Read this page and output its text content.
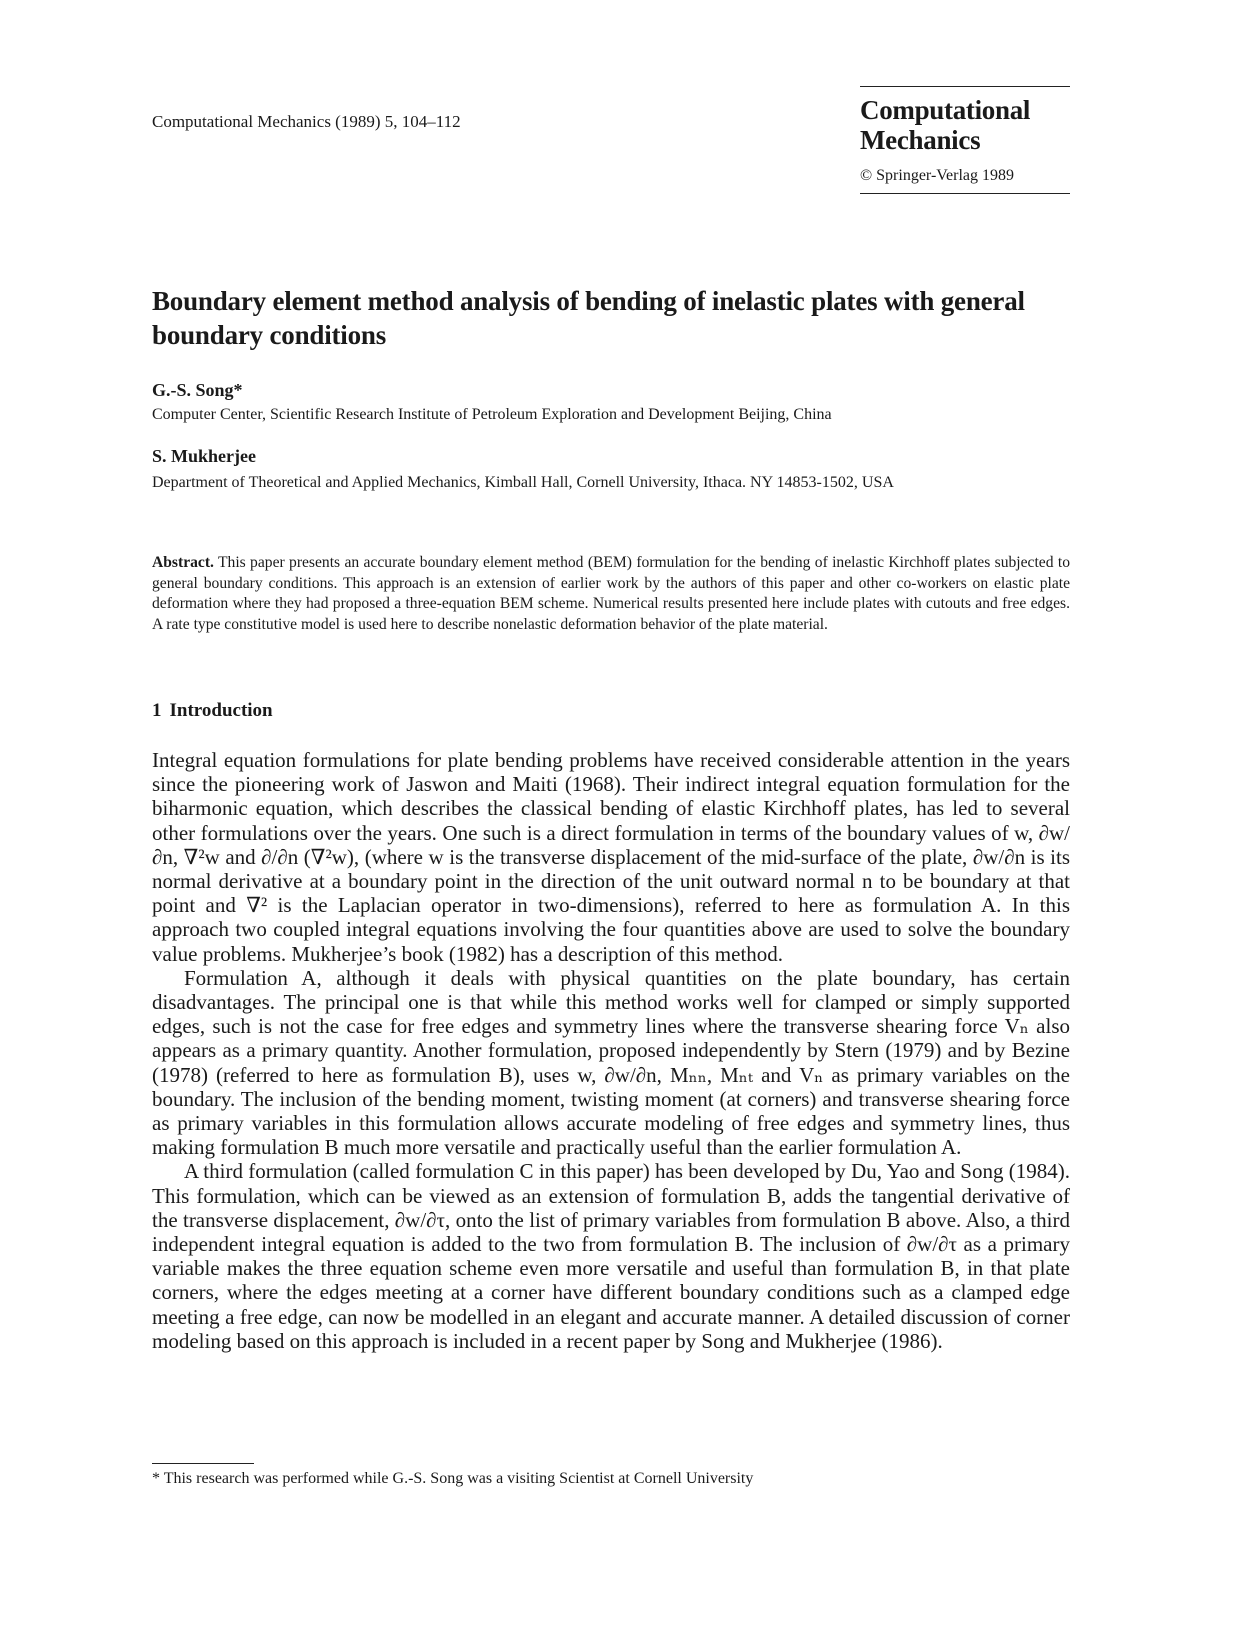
Computational Mechanics (1989) 5, 104–112	Computational
Mechanics
© Springer-Verlag 1989
Boundary element method analysis of bending of inelastic plates with general boundary conditions
G.-S. Song*
Computer Center, Scientific Research Institute of Petroleum Exploration and Development Beijing, China
S. Mukherjee
Department of Theoretical and Applied Mechanics, Kimball Hall, Cornell University, Ithaca. NY 14853-1502, USA
Abstract. This paper presents an accurate boundary element method (BEM) formulation for the bending of inelastic Kirchhoff plates subjected to general boundary conditions. This approach is an extension of earlier work by the authors of this paper and other co-workers on elastic plate deformation where they had proposed a three-equation BEM scheme. Numerical results presented here include plates with cutouts and free edges. A rate type constitutive model is used here to describe nonelastic deformation behavior of the plate material.
1 Introduction

Integral equation formulations for plate bending problems have received considerable attention in the years since the pioneering work of Jaswon and Maiti (1968). Their indirect integral equation formulation for the biharmonic equation, which describes the classical bending of elastic Kirchhoff plates, has led to several other formulations over the years. One such is a direct formulation in terms of the boundary values of w, ∂w/∂n, ∇²w and ∂/∂n (∇²w), (where w is the transverse displacement of the mid-surface of the plate, ∂w/∂n is its normal derivative at a boundary point in the direction of the unit outward normal n to be boundary at that point and ∇² is the Laplacian operator in two-dimensions), referred to here as formulation A. In this approach two coupled integral equations involving the four quantities above are used to solve the boundary value problems. Mukherjee’s book (1982) has a description of this method.

Formulation A, although it deals with physical quantities on the plate boundary, has certain disadvantages. The principal one is that while this method works well for clamped or simply supported edges, such is not the case for free edges and symmetry lines where the transverse shearing force Vₙ also appears as a primary quantity. Another formulation, proposed independently by Stern (1979) and by Bezine (1978) (referred to here as formulation B), uses w, ∂w/∂n, Mₙₙ, Mₙₜ and Vₙ as primary variables on the boundary. The inclusion of the bending moment, twisting moment (at corners) and transverse shearing force as primary variables in this formulation allows accurate modeling of free edges and symmetry lines, thus making formulation B much more versatile and practically useful than the earlier formulation A.

A third formulation (called formulation C in this paper) has been developed by Du, Yao and Song (1984). This formulation, which can be viewed as an extension of formulation B, adds the tangential derivative of the transverse displacement, ∂w/∂τ, onto the list of primary variables from formulation B above. Also, a third independent integral equation is added to the two from formulation B. The inclusion of ∂w/∂τ as a primary variable makes the three equation scheme even more versatile and useful than formulation B, in that plate corners, where the edges meeting at a corner have different boundary conditions such as a clamped edge meeting a free edge, can now be modelled in an elegant and accurate manner. A detailed discussion of corner modeling based on this approach is included in a recent paper by Song and Mukherjee (1986).

* This research was performed while G.-S. Song was a visiting Scientist at Cornell University
